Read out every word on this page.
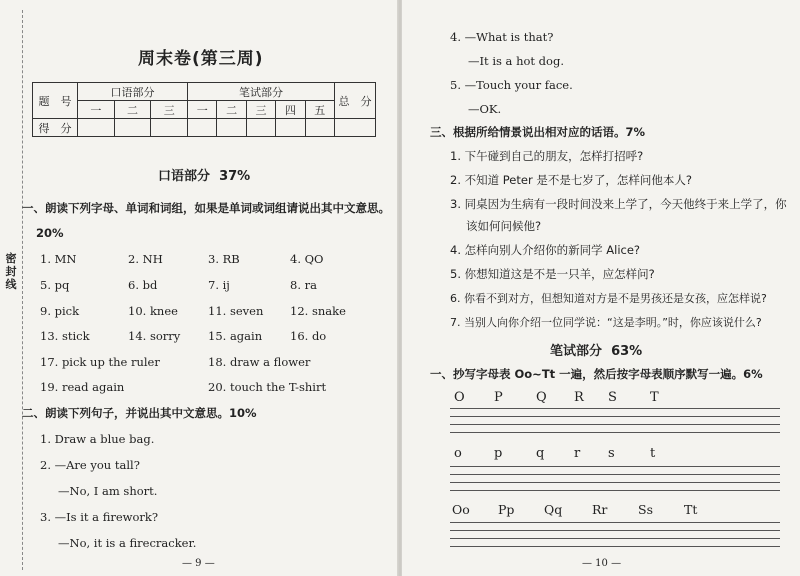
密封线
周末卷(第三周)
题　号	口语部分			笔试部分					总　分
	一	二	三	一	二	三	四	五	
得　分									
口语部分 37%
一、朗读下列字母、单词和词组，如果是单词或词组请说出其中文意思。
20%
1. MN	2. NH	3. RB	4. QO
5. pq	6. bd	7. ij	8. ra
9. pick	10. knee	11. seven 12. snake
13. stick	14. sorry 15. again 16. do
17. pick up the ruler	18. draw a flower
19. read again	20. touch the T-shirt
二、朗读下列句子，并说出其中文意思。10%
1. Draw a blue bag.
2. —Are you tall?
—No, I am short.
3. —Is it a firework?
—No, it is a firecracker.
— 9 —
4. —What is that?
—It is a hot dog.
5. —Touch your face.
—OK.
三、根据所给情景说出相对应的话语。7%
1. 下午碰到自己的朋友，怎样打招呼?
2. 不知道 Peter 是不是七岁了，怎样问他本人?
3. 同桌因为生病有一段时间没来上学了，今天他终于来上学了，你
该如何问候他?
4. 怎样向别人介绍你的新同学 Alice?
5. 你想知道这是不是一只羊，应怎样问?
6. 你看不到对方，但想知道对方是不是男孩还是女孩，应怎样说?
7. 当别人向你介绍一位同学说：“这是李明。”时，你应该说什么?
笔试部分 63%
一、抄写字母表 Oo~Tt 一遍，然后按字母表顺序默写一遍。6%
O P	Q R S	T
o p	q r s	t
Oo Pp Qq Rr Ss Tt
— 10 —
